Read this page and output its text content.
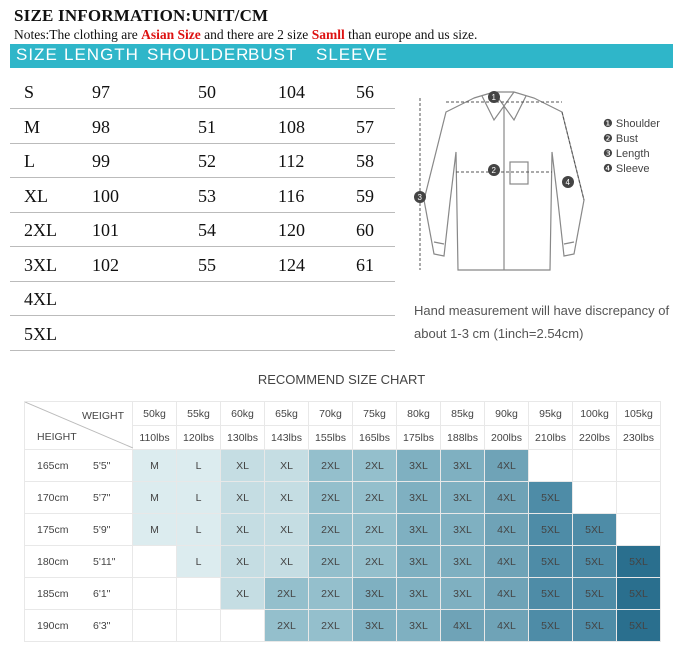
SIZE INFORMATION:UNIT/CM
Notes:The clothing are Asian Size and there are 2 size Samll than europe and us size.
SIZE LENGTH SHOULDER
BUST SLEEVE
S	97	50	104	56
M	98	51	108	57
L	99	52	112	58
XL 100	53	116	59
2XL 101	54	120	60
3XL 102	55	124	61
4XL
5XL
1
2
3
4
❶ Shoulder
❷ Bust
❸ Length
❹ Sleeve
Hand measurement will have discrepancy of
about 1-3 cm (1inch=2.54cm)
RECOMMEND SIZE CHART
WEIGHT
HEIGHT	50kg	55kg	60kg	65kg	70kg	75kg	80kg	85kg	90kg	95kg	100kg	105kg
	110lbs	120lbs	130lbs	143lbs	155lbs	165lbs	175lbs	188lbs	200lbs	210lbs	220lbs	230lbs
165cm 5'5"	M	L	XL	XL	2XL	2XL	3XL	3XL	4XL			
170cm 5'7"	M	L	XL	XL	2XL	2XL	3XL	3XL	4XL	5XL		
175cm 5'9"	M	L	XL	XL	2XL	2XL	3XL	3XL	4XL	5XL	5XL	
180cm 5'11"		L	XL	XL	2XL	2XL	3XL	3XL	4XL	5XL	5XL	5XL
185cm 6'1"			XL	2XL	2XL	3XL	3XL	3XL	4XL	5XL	5XL	5XL
190cm 6'3"				2XL	2XL	3XL	3XL	4XL	4XL	5XL	5XL	5XL
